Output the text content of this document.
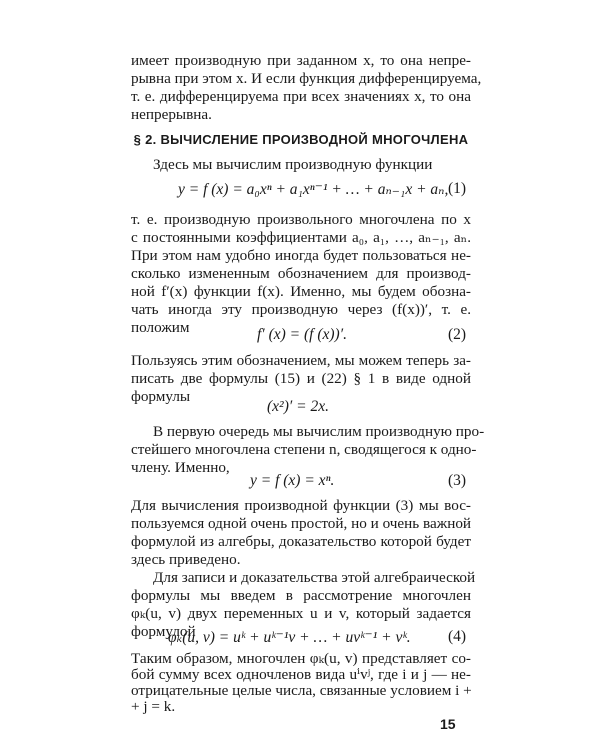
имеет производную при заданном x, то она непре-
рывна при этом x. И если функция дифференцируема,
т. е. дифференцируема при всех значениях x, то она
непрерывна.
§ 2. ВЫЧИСЛЕНИЕ ПРОИЗВОДНОЙ МНОГОЧЛЕНА
Здесь мы вычислим производную функции
y = f (x) = a₀xⁿ + a₁xⁿ⁻¹ + … + aₙ₋₁x + aₙ, (1)
т. е. производную произвольного многочлена по x
с постоянными коэффициентами a₀, a₁, …, aₙ₋₁, aₙ.
При этом нам удобно иногда будет пользоваться не-
сколько измененным обозначением для производ-
ной f′(x) функции f(x). Именно, мы будем обозна-
чать иногда эту производную через (f(x))′, т. е.
положим	f′ (x) = (f (x))′.	(2)
Пользуясь этим обозначением, мы можем теперь за-
писать две формулы (15) и (22) § 1 в виде одной
формулы
(x²)′ = 2x.
В первую очередь мы вычислим производную про-
стейшего многочлена степени n, сводящегося к одно-
члену. Именно,
y = f (x) = xⁿ.	(3)
Для вычисления производной функции (3) мы вос-
пользуемся одной очень простой, но и очень важной
формулой из алгебры, доказательство которой будет
здесь приведено.
Для записи и доказательства этой алгебраической
формулы мы введем в рассмотрение многочлен
φₖ(u, v) двух переменных u и v, который задается
формулой
φₖ(u, v) = uᵏ + uᵏ⁻¹v + … + uvᵏ⁻¹ + vᵏ. (4)
Таким образом, многочлен φₖ(u, v) представляет со-
бой сумму всех одночленов вида uⁱvʲ, где i и j — не-
отрицательные целые числа, связанные условием i +
+ j = k.
15
